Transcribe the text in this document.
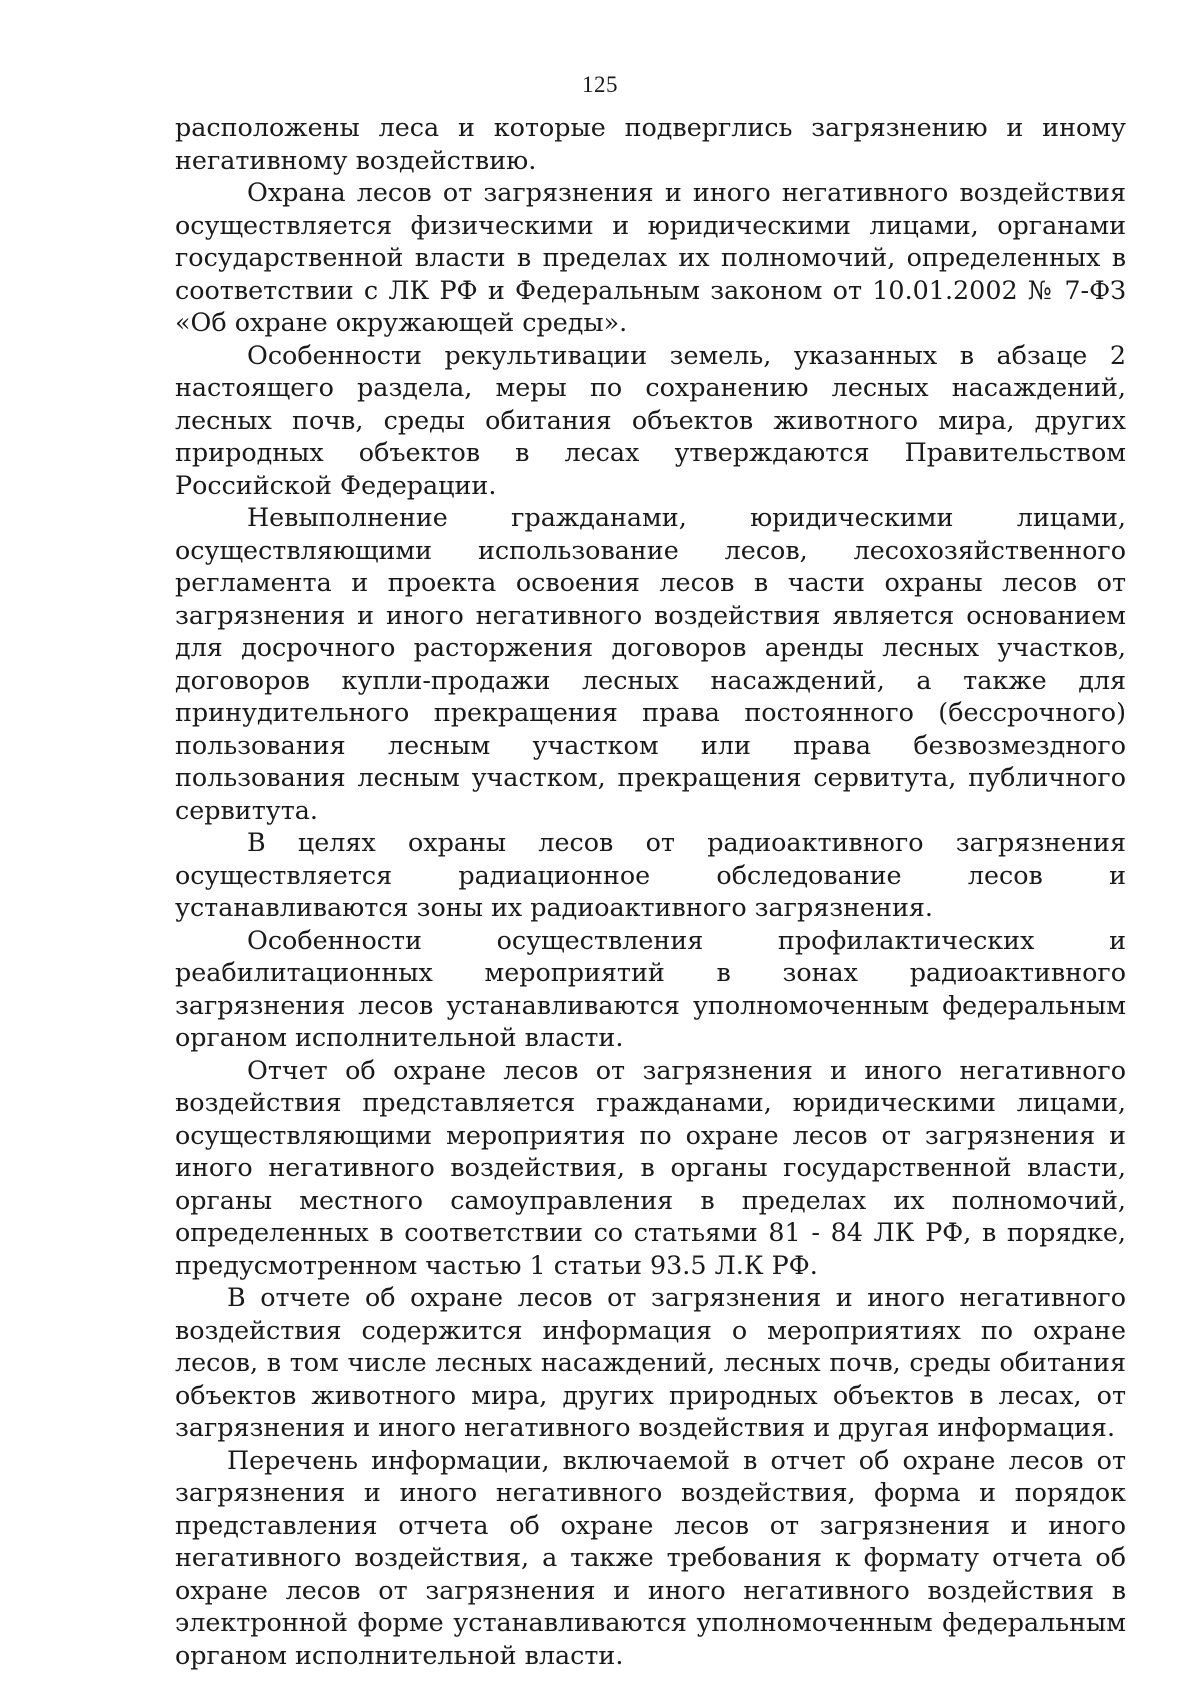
125

расположены леса и которые подверглись загрязнению и иному негативному воздействию.

Охрана лесов от загрязнения и иного негативного воздействия осуществляется физическими и юридическими лицами, органами государственной власти в пределах их полномочий, определенных в соответствии с ЛК РФ и Федеральным законом от 10.01.2002 № 7-ФЗ «Об охране окружающей среды».

Особенности рекультивации земель, указанных в абзаце 2 настоящего раздела, меры по сохранению лесных насаждений, лесных почв, среды обитания объектов животного мира, других природных объектов в лесах утверждаются Правительством Российской Федерации.

Невыполнение гражданами, юридическими лицами, осуществляющими использование лесов, лесохозяйственного регламента и проекта освоения лесов в части охраны лесов от загрязнения и иного негативного воздействия является основанием для досрочного расторжения договоров аренды лесных участков, договоров купли-продажи лесных насаждений, а также для принудительного прекращения права постоянного (бессрочного) пользования лесным участком или права безвозмездного пользования лесным участком, прекращения сервитута, публичного сервитута.

В целях охраны лесов от радиоактивного загрязнения осуществляется радиационное обследование лесов и устанавливаются зоны их радиоактивного загрязнения.

Особенности осуществления профилактических и реабилитационных мероприятий в зонах радиоактивного загрязнения лесов устанавливаются уполномоченным федеральным органом исполнительной власти.

Отчет об охране лесов от загрязнения и иного негативного воздействия представляется гражданами, юридическими лицами, осуществляющими мероприятия по охране лесов от загрязнения и иного негативного воздействия, в органы государственной власти, органы местного самоуправления в пределах их полномочий, определенных в соответствии со статьями 81 - 84 ЛК РФ, в порядке, предусмотренном частью 1 статьи 93.5 Л.К РФ.

В отчете об охране лесов от загрязнения и иного негативного воздействия содержится информация о мероприятиях по охране лесов, в том числе лесных насаждений, лесных почв, среды обитания объектов животного мира, других природных объектов в лесах, от загрязнения и иного негативного воздействия и другая информация.

Перечень информации, включаемой в отчет об охране лесов от загрязнения и иного негативного воздействия, форма и порядок представления отчета об охране лесов от загрязнения и иного негативного воздействия, а также требования к формату отчета об охране лесов от загрязнения и иного негативного воздействия в электронной форме устанавливаются уполномоченным федеральным органом исполнительной власти.
